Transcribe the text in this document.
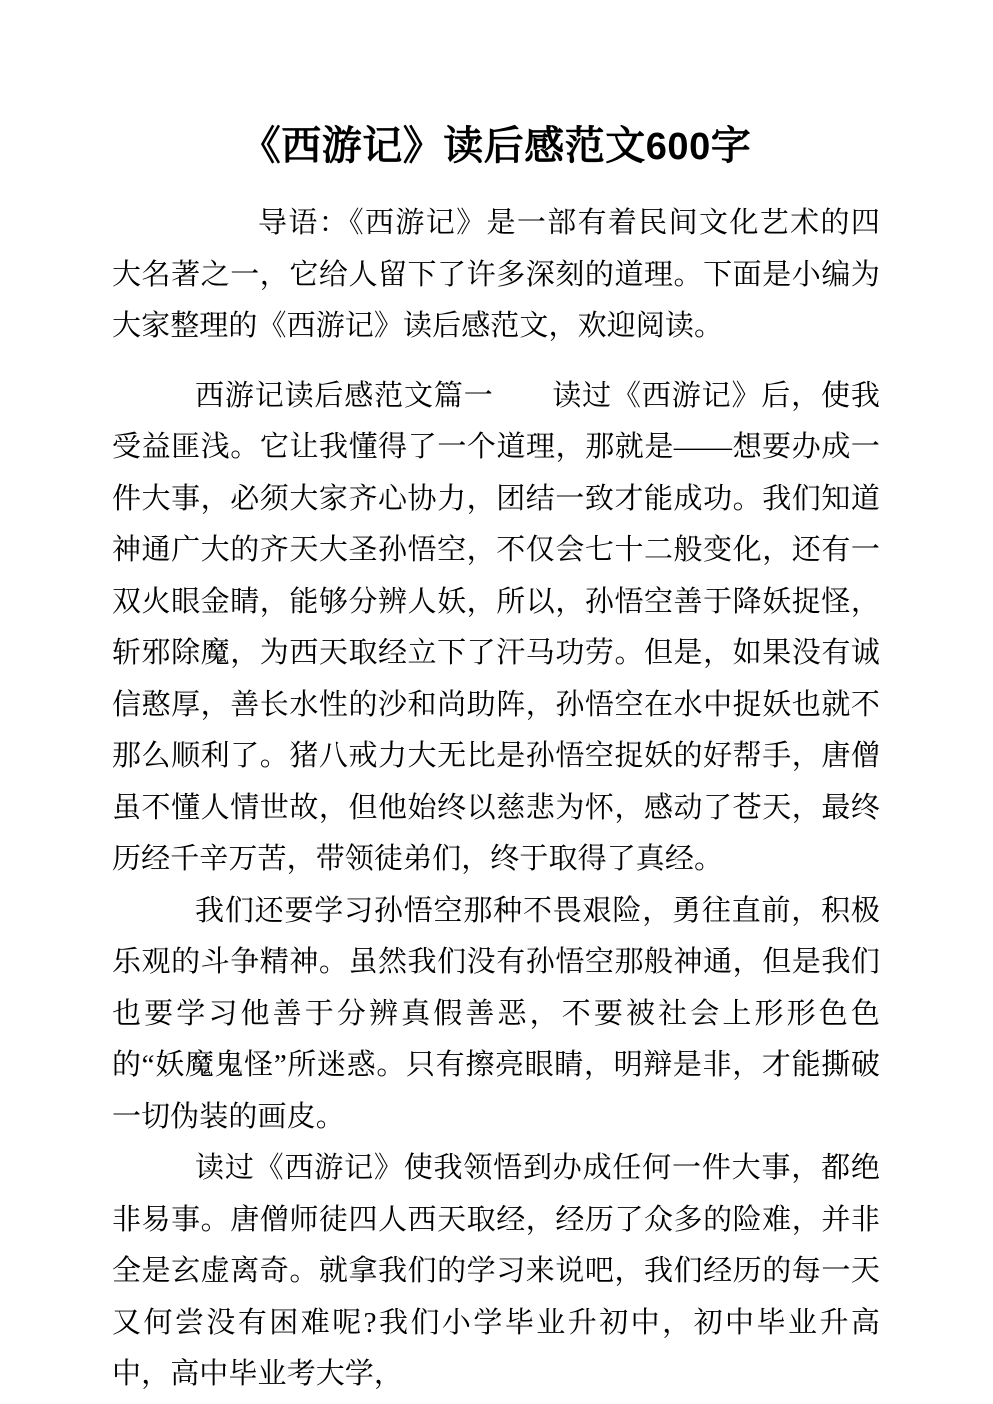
《西游记》读后感范文600字

导语：《西游记》是一部有着民间文化艺术的四大名著之一，它给人留下了许多深刻的道理。下面是小编为大家整理的《西游记》读后感范文，欢迎阅读。

西游记读后感范文篇一 读过《西游记》后，使我受益匪浅。它让我懂得了一个道理，那就是——想要办成一件大事，必须大家齐心协力，团结一致才能成功。我们知道神通广大的齐天大圣孙悟空，不仅会七十二般变化，还有一双火眼金睛，能够分辨人妖，所以，孙悟空善于降妖捉怪，斩邪除魔，为西天取经立下了汗马功劳。但是，如果没有诚信憨厚，善长水性的沙和尚助阵，孙悟空在水中捉妖也就不那么顺利了。猪八戒力大无比是孙悟空捉妖的好帮手，唐僧虽不懂人情世故，但他始终以慈悲为怀，感动了苍天，最终历经千辛万苦，带领徒弟们，终于取得了真经。

我们还要学习孙悟空那种不畏艰险，勇往直前，积极乐观的斗争精神。虽然我们没有孙悟空那般神通，但是我们也要学习他善于分辨真假善恶，不要被社会上形形色色的“妖魔鬼怪”所迷惑。只有擦亮眼睛，明辩是非，才能撕破一切伪装的画皮。

读过《西游记》使我领悟到办成任何一件大事，都绝非易事。唐僧师徒四人西天取经，经历了众多的险难，并非全是玄虚离奇。就拿我们的学习来说吧，我们经历的每一天又何尝没有困难呢?我们小学毕业升初中，初中毕业升高中，高中毕业考大学，
